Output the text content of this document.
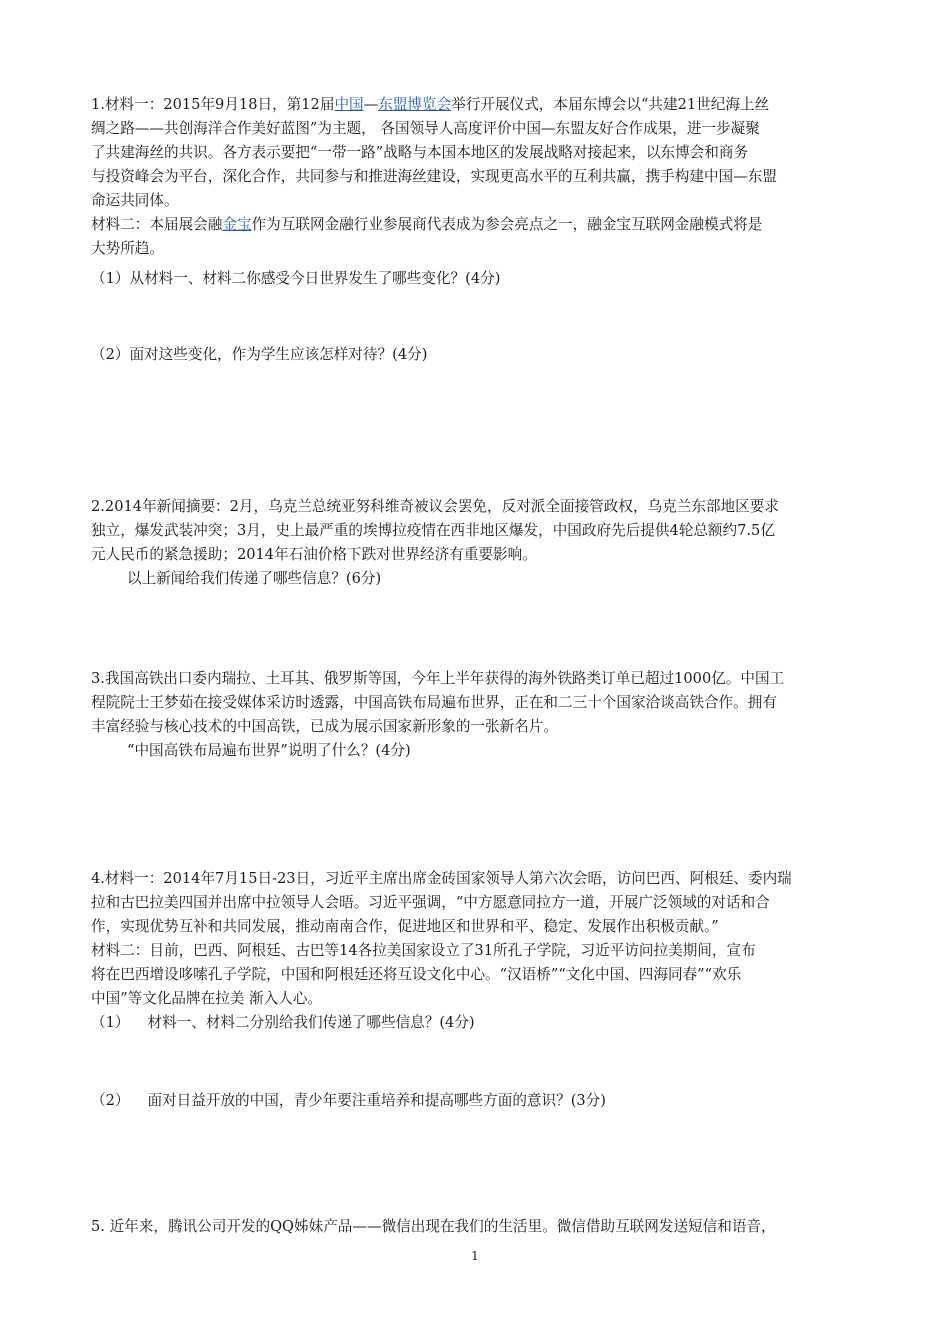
1.材料一：2015年9月18日，第12届中国—东盟博览会举行开展仪式，本届东博会以“共建21世纪海上丝
绸之路——共创海洋合作美好蓝图”为主题， 各国领导人高度评价中国—东盟友好合作成果，进一步凝聚
了共建海丝的共识。各方表示要把“一带一路”战略与本国本地区的发展战略对接起来，以东博会和商务
与投资峰会为平台，深化合作，共同参与和推进海丝建设，实现更高水平的互利共赢，携手构建中国—东盟
命运共同体。
材料二：本届展会融金宝作为互联网金融行业参展商代表成为参会亮点之一，融金宝互联网金融模式将是
大势所趋。
（1）从材料一、材料二你感受今日世界发生了哪些变化？(4分)
（2）面对这些变化，作为学生应该怎样对待？(4分)
2.2014年新闻摘要：2月，乌克兰总统亚努科维奇被议会罢免，反对派全面接管政权，乌克兰东部地区要求
独立，爆发武装冲突；3月，史上最严重的埃博拉疫情在西非地区爆发，中国政府先后提供4轮总额约7.5亿
元人民币的紧急援助；2014年石油价格下跌对世界经济有重要影响。
以上新闻给我们传递了哪些信息？(6分)
3.我国高铁出口委内瑞拉、土耳其、俄罗斯等国，今年上半年获得的海外铁路类订单已超过1000亿。中国工
程院院士王梦茹在接受媒体采访时透露，中国高铁布局遍布世界，正在和二三十个国家洽谈高铁合作。拥有
丰富经验与核心技术的中国高铁，已成为展示国家新形象的一张新名片。
“中国高铁布局遍布世界”说明了什么？(4分)
4.材料一：2014年7月15日-23日，习近平主席出席金砖国家领导人第六次会晤，访问巴西、阿根廷、委内瑞
拉和古巴拉美四国并出席中拉领导人会晤。习近平强调，“中方愿意同拉方一道，开展广泛领域的对话和合
作，实现优势互补和共同发展，推动南南合作，促进地区和世界和平、稳定、发展作出积极贡献。”
材料二：目前，巴西、阿根廷、古巴等14各拉美国家设立了31所孔子学院，习近平访问拉美期间，宣布
将在巴西增设哆嗦孔子学院，中国和阿根廷还将互设文化中心。“汉语桥”“文化中国、四海同春”“欢乐
中国”等文化品牌在拉美 渐入人心。
（1） 材料一、材料二分别给我们传递了哪些信息？(4分)
（2） 面对日益开放的中国，青少年要注重培养和提高哪些方面的意识？(3分)
5. 近年来，腾讯公司开发的QQ姊妹产品——微信出现在我们的生活里。微信借助互联网发送短信和语音，
1
